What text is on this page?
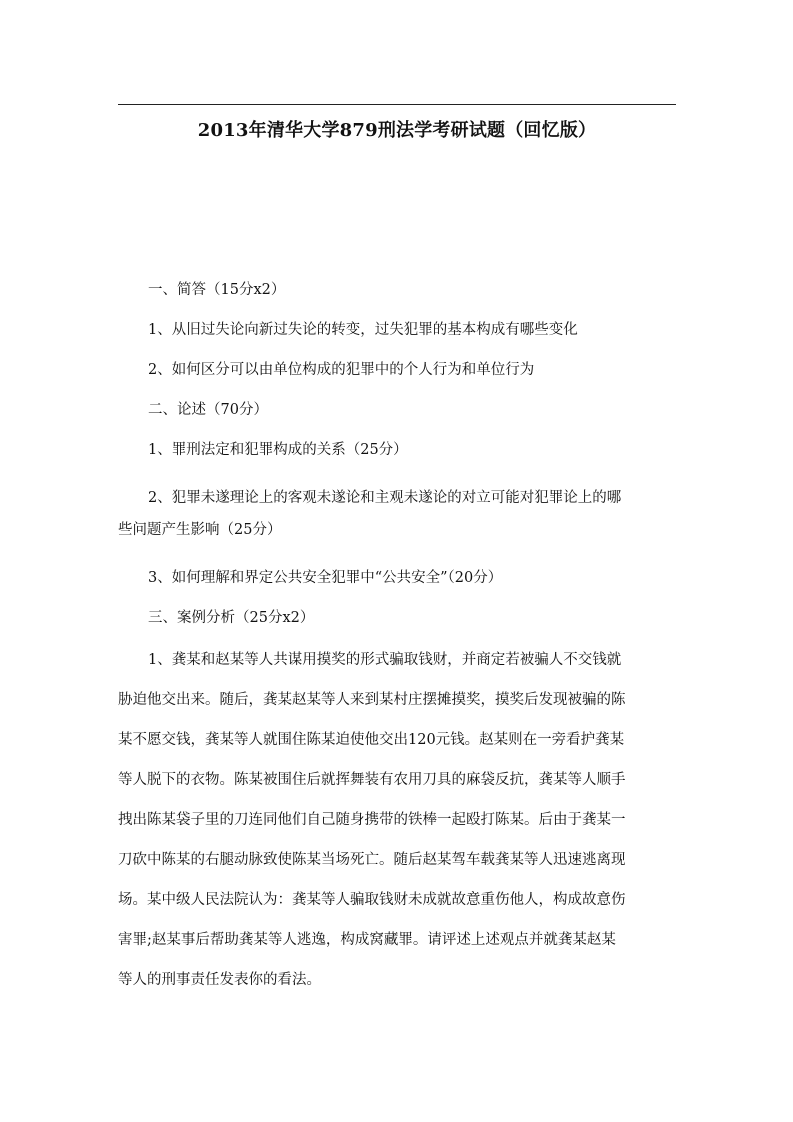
2013年清华大学879刑法学考研试题（回忆版）

一、简答（15分x2）

1、从旧过失论向新过失论的转变，过失犯罪的基本构成有哪些变化

2、如何区分可以由单位构成的犯罪中的个人行为和单位行为

二、论述（70分）

1、罪刑法定和犯罪构成的关系（25分）

2、犯罪未遂理论上的客观未遂论和主观未遂论的对立可能对犯罪论上的哪
些问题产生影响（25分）

3、如何理解和界定公共安全犯罪中“公共安全”（20分）

三、案例分析（25分x2）

1、龚某和赵某等人共谋用摸奖的形式骗取钱财，并商定若被骗人不交钱就
胁迫他交出来。随后，龚某赵某等人来到某村庄摆摊摸奖，摸奖后发现被骗的陈
某不愿交钱，龚某等人就围住陈某迫使他交出120元钱。赵某则在一旁看护龚某
等人脱下的衣物。陈某被围住后就挥舞装有农用刀具的麻袋反抗，龚某等人顺手
拽出陈某袋子里的刀连同他们自己随身携带的铁棒一起殴打陈某。后由于龚某一
刀砍中陈某的右腿动脉致使陈某当场死亡。随后赵某驾车载龚某等人迅速逃离现
场。某中级人民法院认为：龚某等人骗取钱财未成就故意重伤他人，构成故意伤
害罪;赵某事后帮助龚某等人逃逸，构成窝藏罪。请评述上述观点并就龚某赵某
等人的刑事责任发表你的看法。
